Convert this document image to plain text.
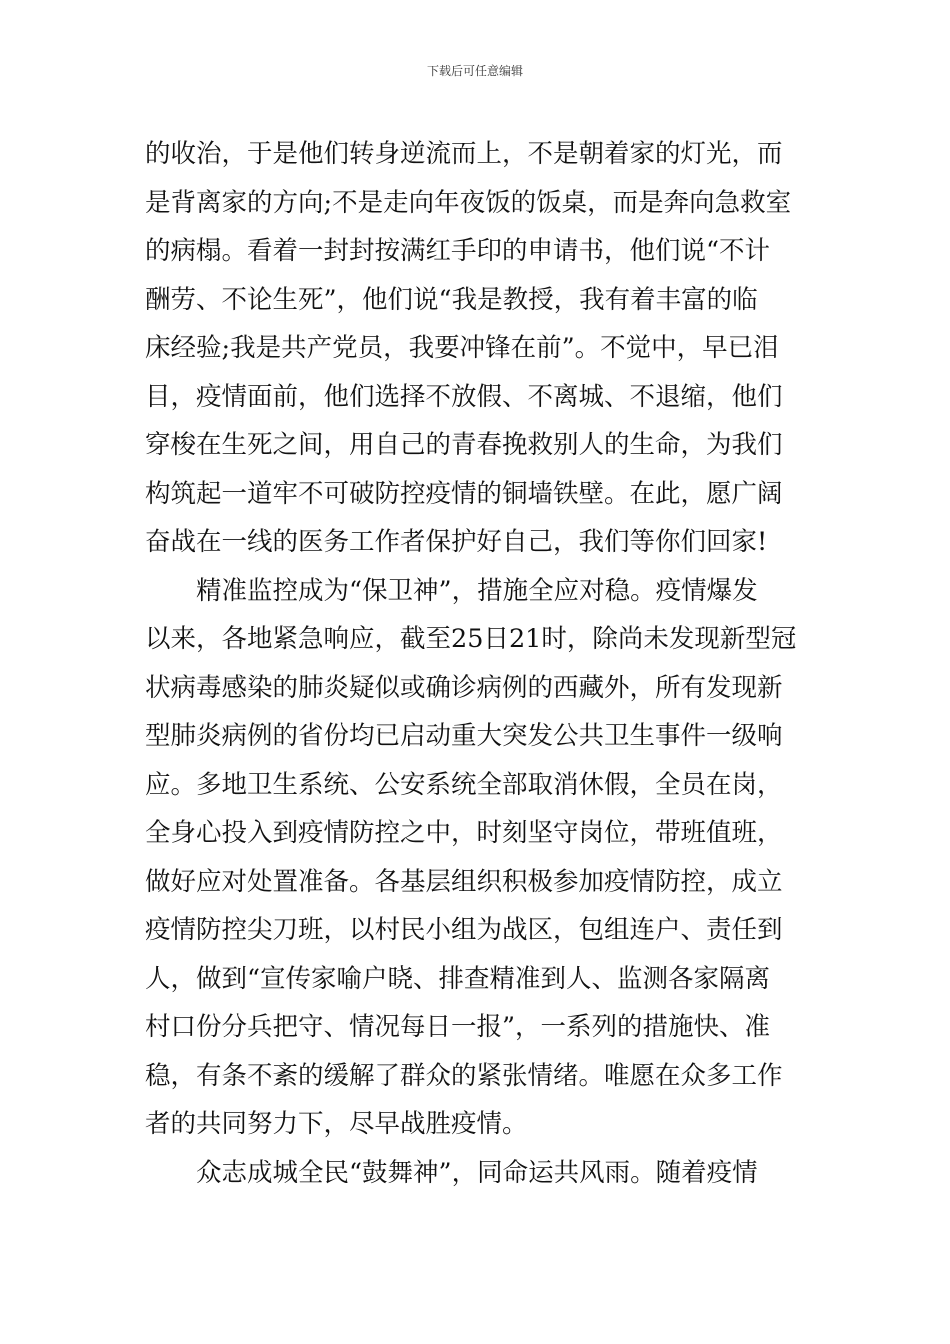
下载后可任意编辑
的收治，于是他们转身逆流而上，不是朝着家的灯光，而
是背离家的方向;不是走向年夜饭的饭桌，而是奔向急救室
的病榻。看着一封封按满红手印的申请书，他们说“不计
酬劳、不论生死”，他们说“我是教授，我有着丰富的临
床经验;我是共产党员，我要冲锋在前”。不觉中，早已泪
目，疫情面前，他们选择不放假、不离城、不退缩，他们
穿梭在生死之间，用自己的青春挽救别人的生命，为我们
构筑起一道牢不可破防控疫情的铜墙铁壁。在此，愿广阔
奋战在一线的医务工作者保护好自己，我们等你们回家!
精准监控成为“保卫神”，措施全应对稳。疫情爆发
以来，各地紧急响应，截至25日21时，除尚未发现新型冠
状病毒感染的肺炎疑似或确诊病例的西藏外，所有发现新
型肺炎病例的省份均已启动重大突发公共卫生事件一级响
应。多地卫生系统、公安系统全部取消休假，全员在岗，
全身心投入到疫情防控之中，时刻坚守岗位，带班值班，
做好应对处置准备。各基层组织积极参加疫情防控，成立
疫情防控尖刀班，以村民小组为战区，包组连户、责任到
人，做到“宣传家喻户晓、排查精准到人、监测各家隔离
村口份分兵把守、情况每日一报”，一系列的措施快、准
稳，有条不紊的缓解了群众的紧张情绪。唯愿在众多工作
者的共同努力下，尽早战胜疫情。
众志成城全民“鼓舞神”，同命运共风雨。随着疫情
